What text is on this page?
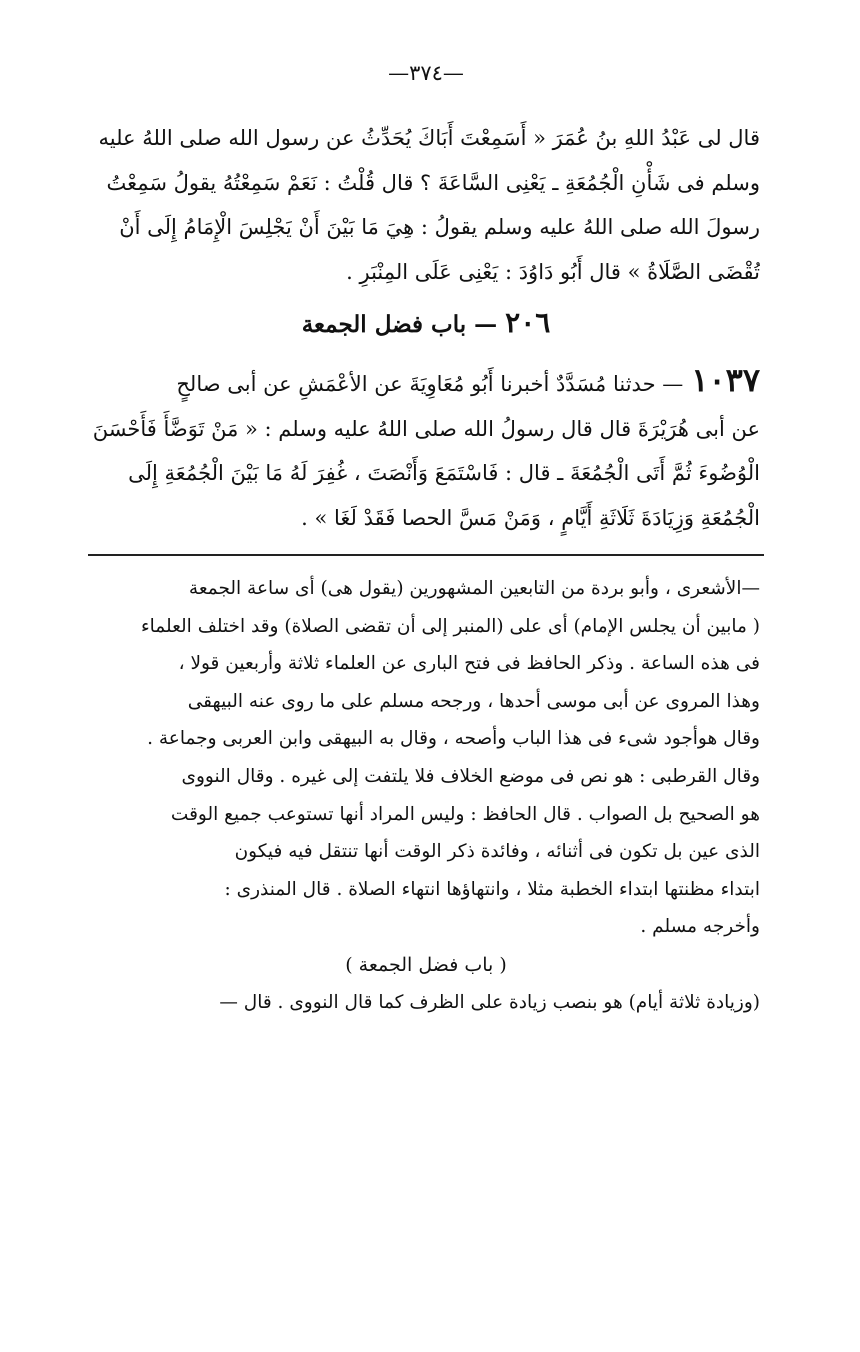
—٣٧٤—
قال لى عَبْدُ اللهِ بنُ عُمَرَ « أَسَمِعْتَ أَبَاكَ يُحَدِّثُ عن رسول الله صلى اللهُ عليه
وسلم فى شَأْنِ الْجُمُعَةِ ـ يَعْنِى السَّاعَةَ ؟ قال قُلْتُ : نَعَمْ سَمِعْتُهُ يقولُ سَمِعْتُ
رسولَ الله صلى اللهُ عليه وسلم يقولُ : هِيَ مَا بَيْنَ أَنْ يَجْلِسَ الْإِمَامُ إِلَى أَنْ
تُقْضَى الصَّلَاةُ » قال أَبُو دَاوُدَ : يَعْنِى عَلَى المِنْبَرِ .
٢٠٦ — باب فضل الجمعة
١٠٣٧— حدثنا مُسَدَّدٌ أخبرنا أَبُو مُعَاوِيَةَ عن الأعْمَشِ عن أبى صالحٍ
عن أبى هُرَيْرَةَ قال قال رسولُ الله صلى اللهُ عليه وسلم : « مَنْ تَوَضَّأَ فَأَحْسَنَ
الْوُضُوءَ ثُمَّ أَتَى الْجُمُعَةَ ـ قال : فَاسْتَمَعَ وَأَنْصَتَ ، غُفِرَ لَهُ مَا بَيْنَ الْجُمُعَةِ إِلَى
الْجُمُعَةِ وَزِيَادَةَ ثَلَاثَةِ أَيَّامٍ ، وَمَنْ مَسَّ الحصا فَقَدْ لَغَا » .
—الأشعرى ، وأبو بردة من التابعين المشهورين (يقول هى) أى ساعة الجمعة
( مابين أن يجلس الإمام) أى على (المنبر إلى أن تقضى الصلاة) وقد اختلف العلماء
فى هذه الساعة . وذكر الحافظ فى فتح البارى عن العلماء ثلاثة وأربعين قولا ،
وهذا المروى عن أبى موسى أحدها ، ورجحه مسلم على ما روى عنه البيهقى
وقال هوأجود شىء فى هذا الباب وأصحه ، وقال به البيهقى وابن العربى وجماعة .
وقال القرطبى : هو نص فى موضع الخلاف فلا يلتفت إلى غيره . وقال النووى
هو الصحيح بل الصواب . قال الحافظ : وليس المراد أنها تستوعب جميع الوقت
الذى عين بل تكون فى أثنائه ، وفائدة ذكر الوقت أنها تنتقل فيه فيكون
ابتداء مظنتها ابتداء الخطبة مثلا ، وانتهاؤها انتهاء الصلاة . قال المنذرى :
وأخرجه مسلم .
( باب فضل الجمعة )
(وزيادة ثلاثة أيام) هو بنصب زيادة على الظرف كما قال النووى . قال —
